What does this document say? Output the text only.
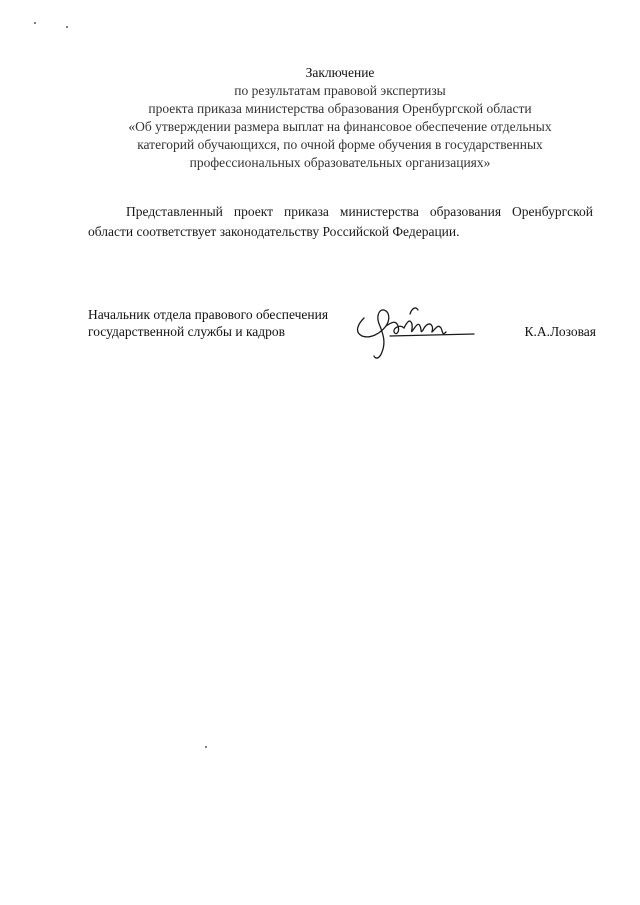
Заключение
по результатам правовой экспертизы
проекта приказа министерства образования Оренбургской области
«Об утверждении размера выплат на финансовое обеспечение отдельных
категорий обучающихся, по очной форме обучения в государственных
профессиональных образовательных организациях»

Представленный проект приказа министерства образования Оренбургской области соответствует законодательству Российской Федерации.

Начальник отдела правового обеспечения
государственной службы и кадров	К.А.Лозовая
